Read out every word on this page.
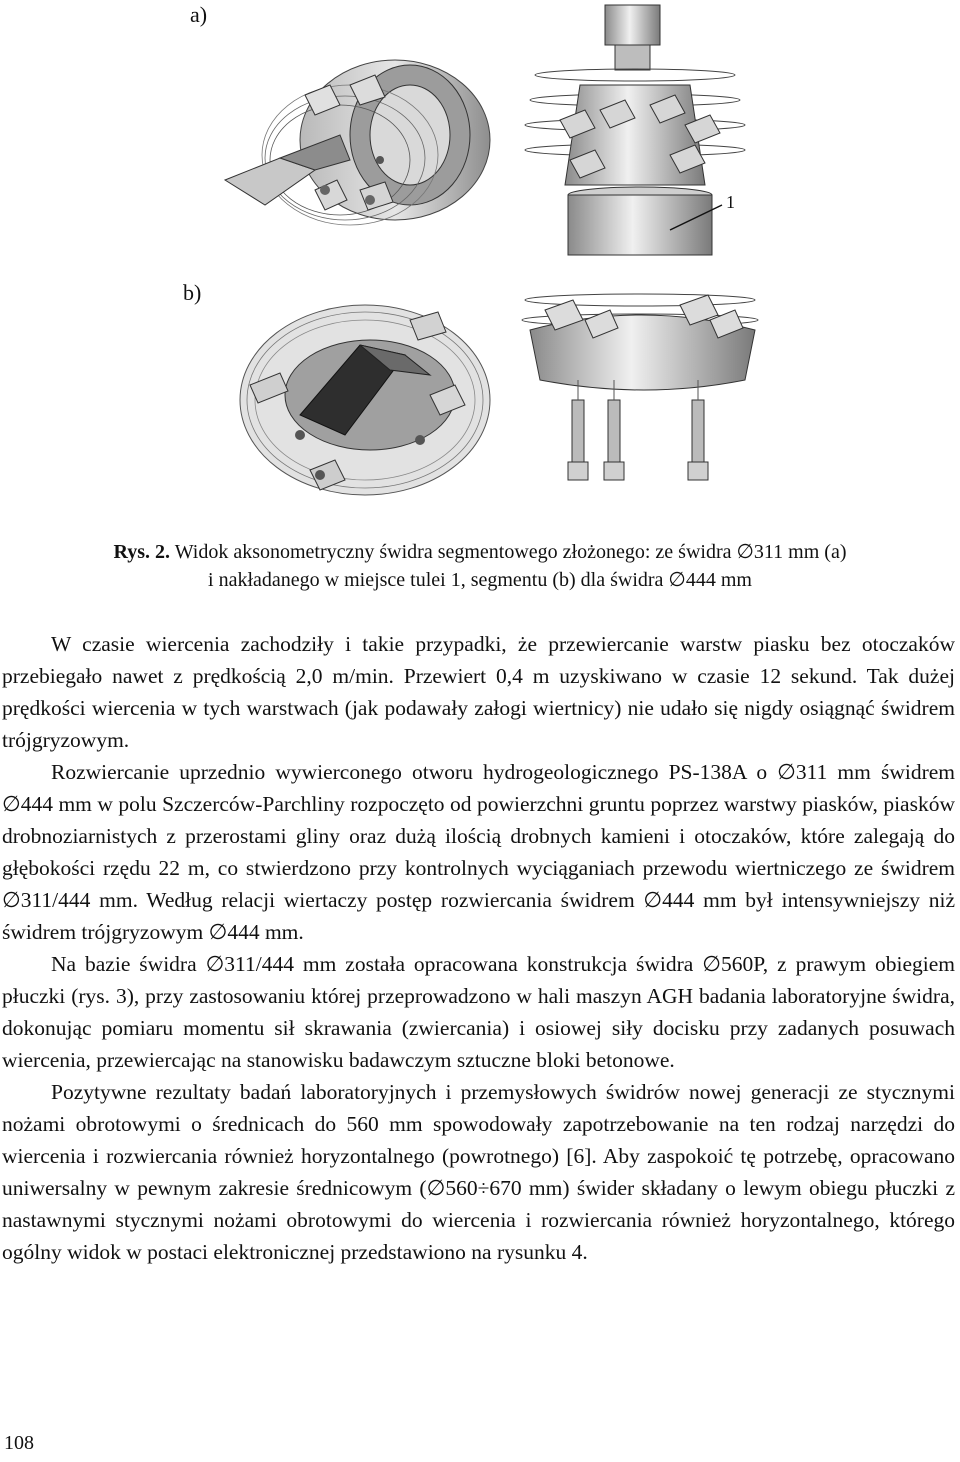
a)
b)
1
Rys. 2. Widok aksonometryczny świdra segmentowego złożonego: ze świdra ∅311 mm (a)
i nakładanego w miejsce tulei 1, segmentu (b) dla świdra ∅444 mm

W czasie wiercenia zachodziły i takie przypadki, że przewiercanie warstw piasku bez otoczaków przebiegało nawet z prędkością 2,0 m/min. Przewiert 0,4 m uzyskiwano w czasie 12 sekund. Tak dużej prędkości wiercenia w tych warstwach (jak podawały załogi wiertnicy) nie udało się nigdy osiągnąć świdrem trójgryzowym.

Rozwiercanie uprzednio wywierconego otworu hydrogeologicznego PS-138A o ∅311 mm świdrem ∅444 mm w polu Szczerców-Parchliny rozpoczęto od powierzchni gruntu poprzez warstwy piasków, piasków drobnoziarnistych z przerostami gliny oraz dużą ilością drobnych kamieni i otoczaków, które zalegają do głębokości rzędu 22 m, co stwierdzono przy kontrolnych wyciąganiach przewodu wiertniczego ze świdrem ∅311/444 mm. Według relacji wiertaczy postęp rozwiercania świdrem ∅444 mm był intensywniejszy niż świdrem trójgryzowym ∅444 mm.

Na bazie świdra ∅311/444 mm została opracowana konstrukcja świdra ∅560P, z prawym obiegiem płuczki (rys. 3), przy zastosowaniu której przeprowadzono w hali maszyn AGH badania laboratoryjne świdra, dokonując pomiaru momentu sił skrawania (zwiercania) i osiowej siły docisku przy zadanych posuwach wiercenia, przewiercając na stanowisku badawczym sztuczne bloki betonowe.

Pozytywne rezultaty badań laboratoryjnych i przemysłowych świdrów nowej generacji ze stycznymi nożami obrotowymi o średnicach do 560 mm spowodowały zapotrzebowanie na ten rodzaj narzędzi do wiercenia i rozwiercania również horyzontalnego (powrotnego) [6]. Aby zaspokoić tę potrzebę, opracowano uniwersalny w pewnym zakresie średnicowym (∅560÷670 mm) świder składany o lewym obiegu płuczki z nastawnymi stycznymi nożami obrotowymi do wiercenia i rozwiercania również horyzontalnego, którego ogólny widok w postaci elektronicznej przedstawiono na rysunku 4.

108
